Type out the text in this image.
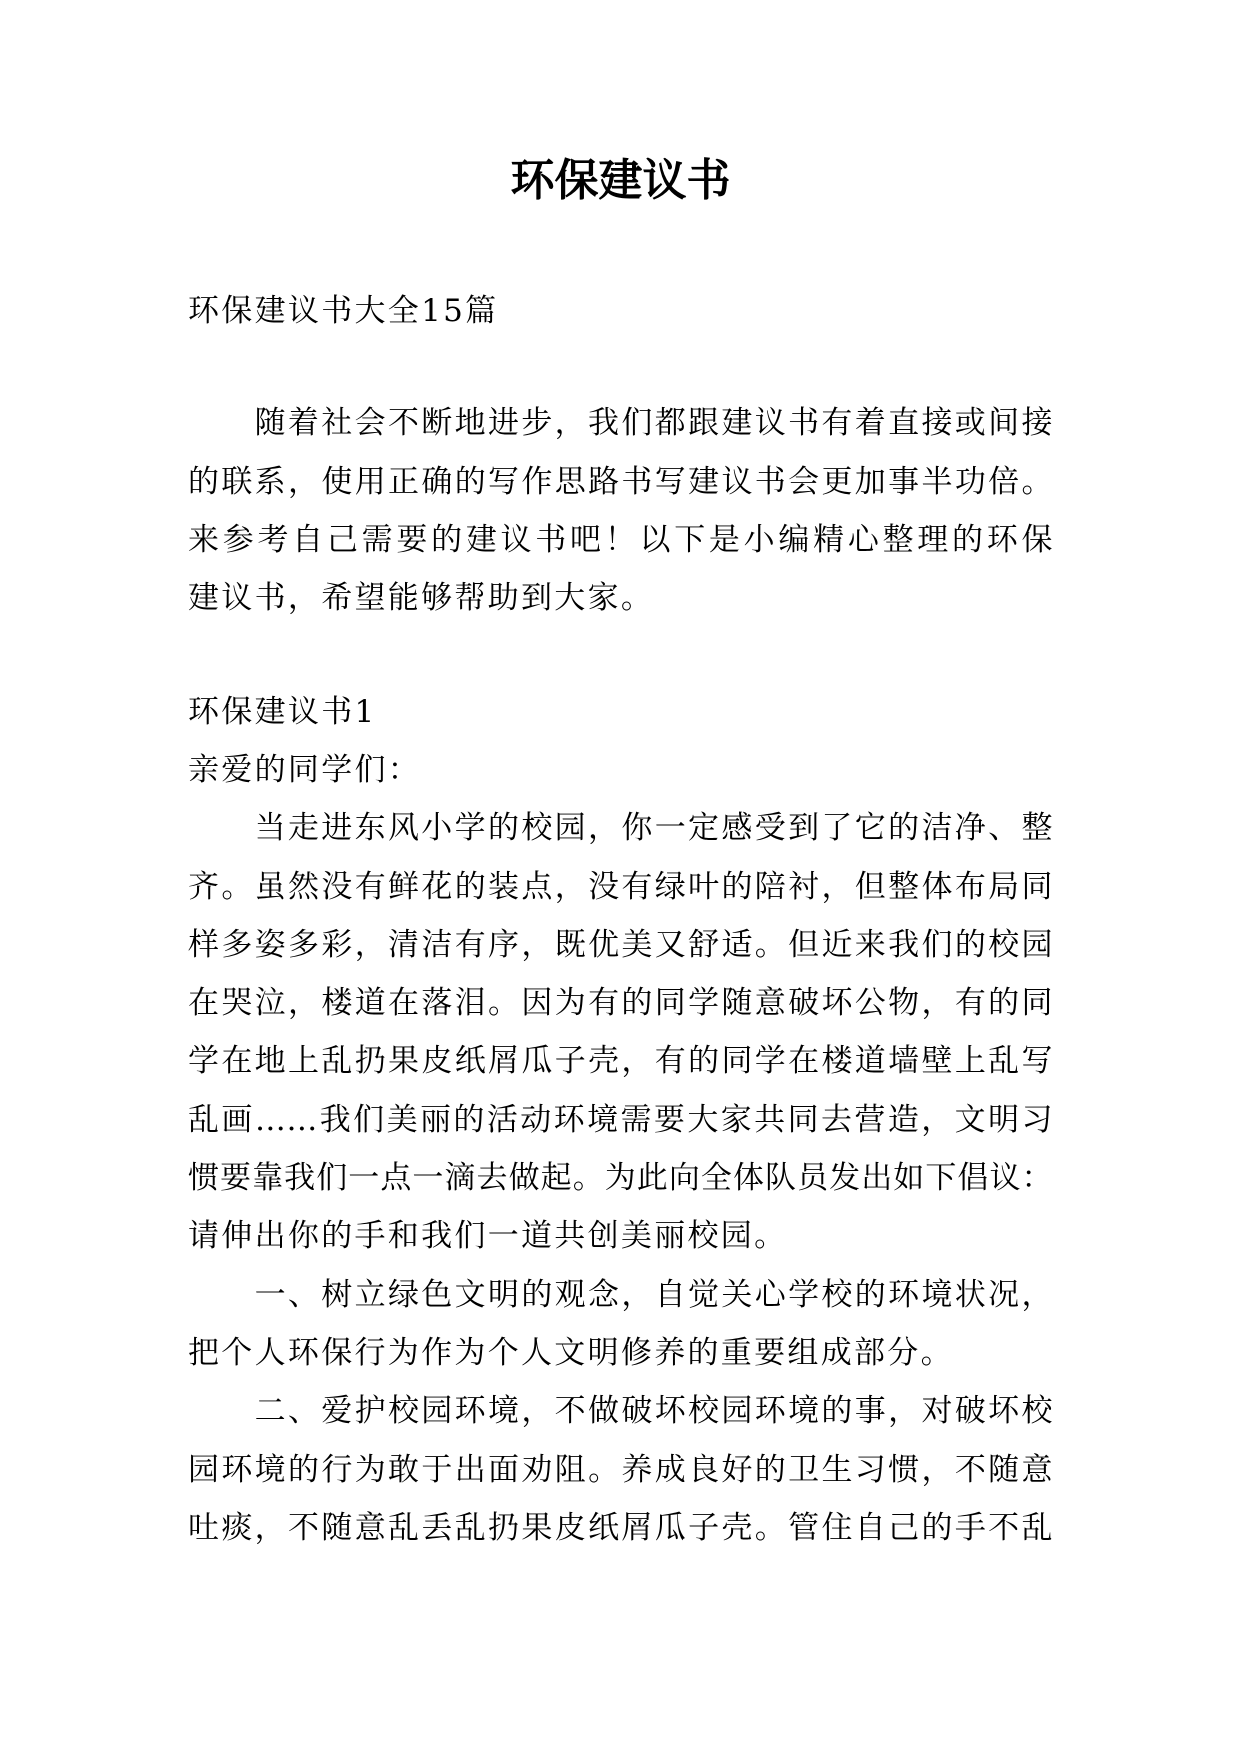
环保建议书
环保建议书大全15篇
随着社会不断地进步，我们都跟建议书有着直接或间接
的联系，使用正确的写作思路书写建议书会更加事半功倍。
来参考自己需要的建议书吧！以下是小编精心整理的环保
建议书，希望能够帮助到大家。
环保建议书1
亲爱的同学们：
当走进东风小学的校园，你一定感受到了它的洁净、整
齐。虽然没有鲜花的装点，没有绿叶的陪衬，但整体布局同
样多姿多彩，清洁有序，既优美又舒适。但近来我们的校园
在哭泣，楼道在落泪。因为有的同学随意破坏公物，有的同
学在地上乱扔果皮纸屑瓜子壳，有的同学在楼道墙壁上乱写
乱画……我们美丽的活动环境需要大家共同去营造，文明习
惯要靠我们一点一滴去做起。为此向全体队员发出如下倡议：
请伸出你的手和我们一道共创美丽校园。
一、树立绿色文明的观念，自觉关心学校的环境状况，
把个人环保行为作为个人文明修养的重要组成部分。
二、爱护校园环境，不做破坏校园环境的事，对破坏校
园环境的行为敢于出面劝阻。养成良好的卫生习惯，不随意
吐痰，不随意乱丢乱扔果皮纸屑瓜子壳。管住自己的手不乱
